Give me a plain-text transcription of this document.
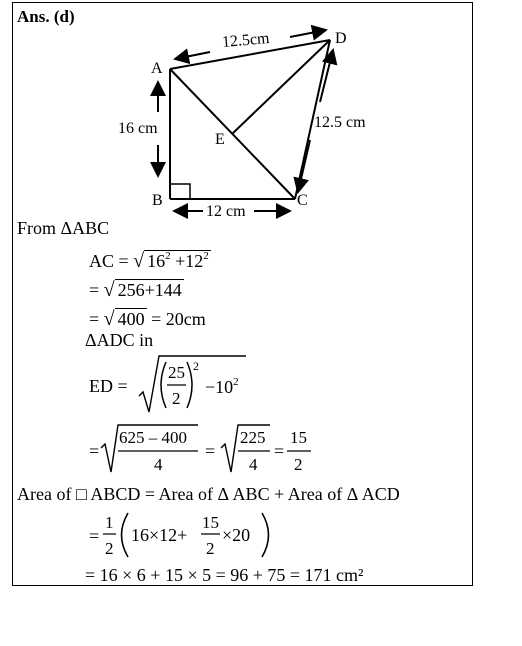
Ans. (d)
A
D
B	C
E
12.5cm
16 cm
12 cm
12.5 cm
From ΔABC
AC = √ $16^2 +12^2$
= √ 256+144
= √ 400 = 20cm
ΔADC in
ED =
25
2
2
$-10^2$
=
625 – 400
4
=
225
4
=
15
2
Area of □ ABCD = Area of Δ ABC + Area of Δ ACD
=
1
2
16×12+
15
2
×20
= 16 × 6 + 15 × 5 = 96 + 75 = 171 cm²
